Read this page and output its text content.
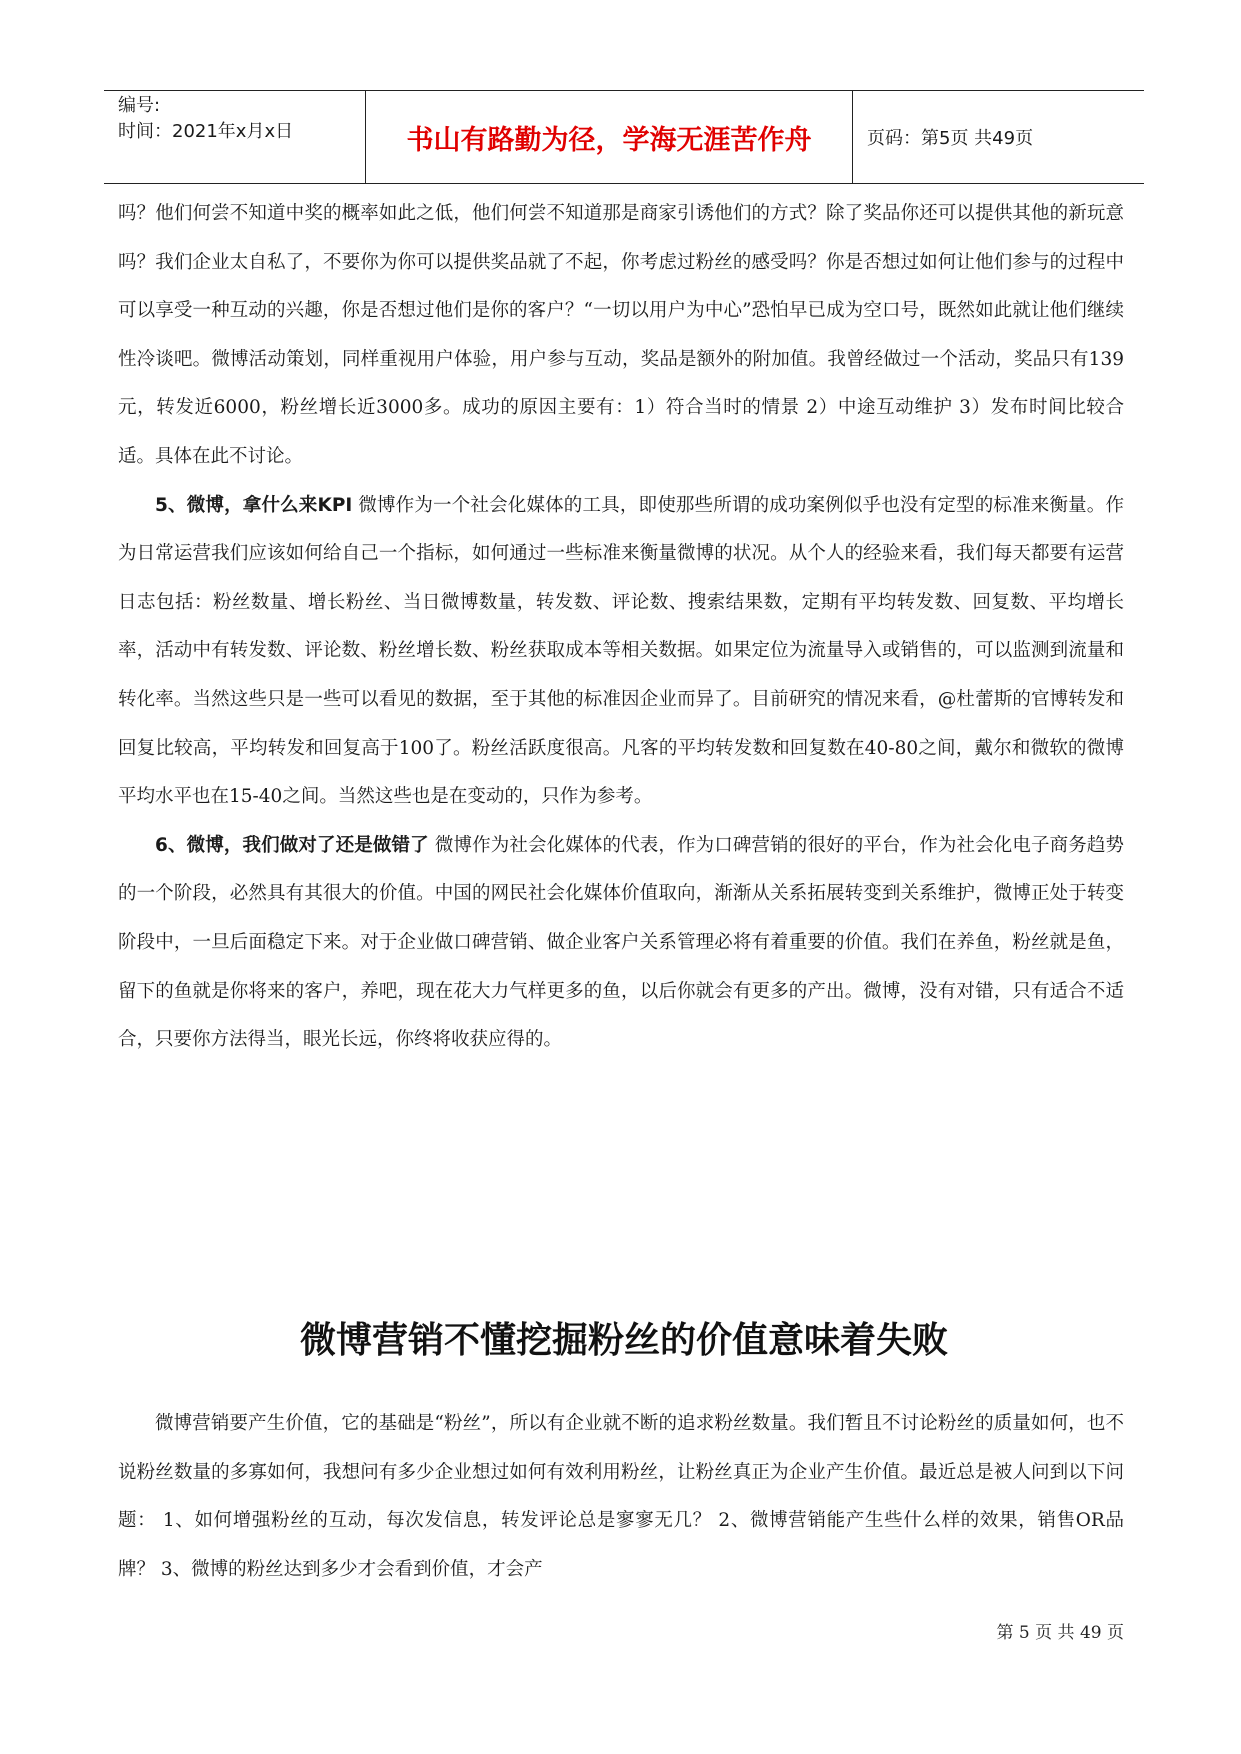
编号:
时间：2021年x月x日	书山有路勤为径，学海无涯苦作舟	页码：第5页 共49页

吗？他们何尝不知道中奖的概率如此之低，他们何尝不知道那是商家引诱他们的方式？除了奖品你还可以提供其他的新玩意吗？我们企业太自私了，不要你为你可以提供奖品就了不起，你考虑过粉丝的感受吗？你是否想过如何让他们参与的过程中可以享受一种互动的兴趣，你是否想过他们是你的客户？“一切以用户为中心”恐怕早已成为空口号，既然如此就让他们继续性冷谈吧。微博活动策划，同样重视用户体验，用户参与互动，奖品是额外的附加值。我曾经做过一个活动，奖品只有139元，转发近6000，粉丝增长近3000多。成功的原因主要有：1）符合当时的情景 2）中途互动维护 3）发布时间比较合适。具体在此不讨论。

5、微博，拿什么来KPI 微博作为一个社会化媒体的工具，即使那些所谓的成功案例似乎也没有定型的标准来衡量。作为日常运营我们应该如何给自己一个指标，如何通过一些标准来衡量微博的状况。从个人的经验来看，我们每天都要有运营日志包括：粉丝数量、增长粉丝、当日微博数量，转发数、评论数、搜索结果数，定期有平均转发数、回复数、平均增长率，活动中有转发数、评论数、粉丝增长数、粉丝获取成本等相关数据。如果定位为流量导入或销售的，可以监测到流量和转化率。当然这些只是一些可以看见的数据，至于其他的标准因企业而异了。目前研究的情况来看，@杜蕾斯的官博转发和回复比较高，平均转发和回复高于100了。粉丝活跃度很高。凡客的平均转发数和回复数在40-80之间，戴尔和微软的微博平均水平也在15-40之间。当然这些也是在变动的，只作为参考。

6、微博，我们做对了还是做错了 微博作为社会化媒体的代表，作为口碑营销的很好的平台，作为社会化电子商务趋势的一个阶段，必然具有其很大的价值。中国的网民社会化媒体价值取向，渐渐从关系拓展转变到关系维护，微博正处于转变阶段中，一旦后面稳定下来。对于企业做口碑营销、做企业客户关系管理必将有着重要的价值。我们在养鱼，粉丝就是鱼，留下的鱼就是你将来的客户，养吧，现在花大力气样更多的鱼，以后你就会有更多的产出。微博，没有对错，只有适合不适合，只要你方法得当，眼光长远，你终将收获应得的。

微博营销不懂挖掘粉丝的价值意味着失败

微博营销要产生价值，它的基础是“粉丝”，所以有企业就不断的追求粉丝数量。我们暂且不讨论粉丝的质量如何，也不说粉丝数量的多寡如何，我想问有多少企业想过如何有效利用粉丝，让粉丝真正为企业产生价值。最近总是被人问到以下问题： 1、如何增强粉丝的互动，每次发信息，转发评论总是寥寥无几？ 2、微博营销能产生些什么样的效果，销售OR品牌？ 3、微博的粉丝达到多少才会看到价值，才会产

第 5 页 共 49 页
